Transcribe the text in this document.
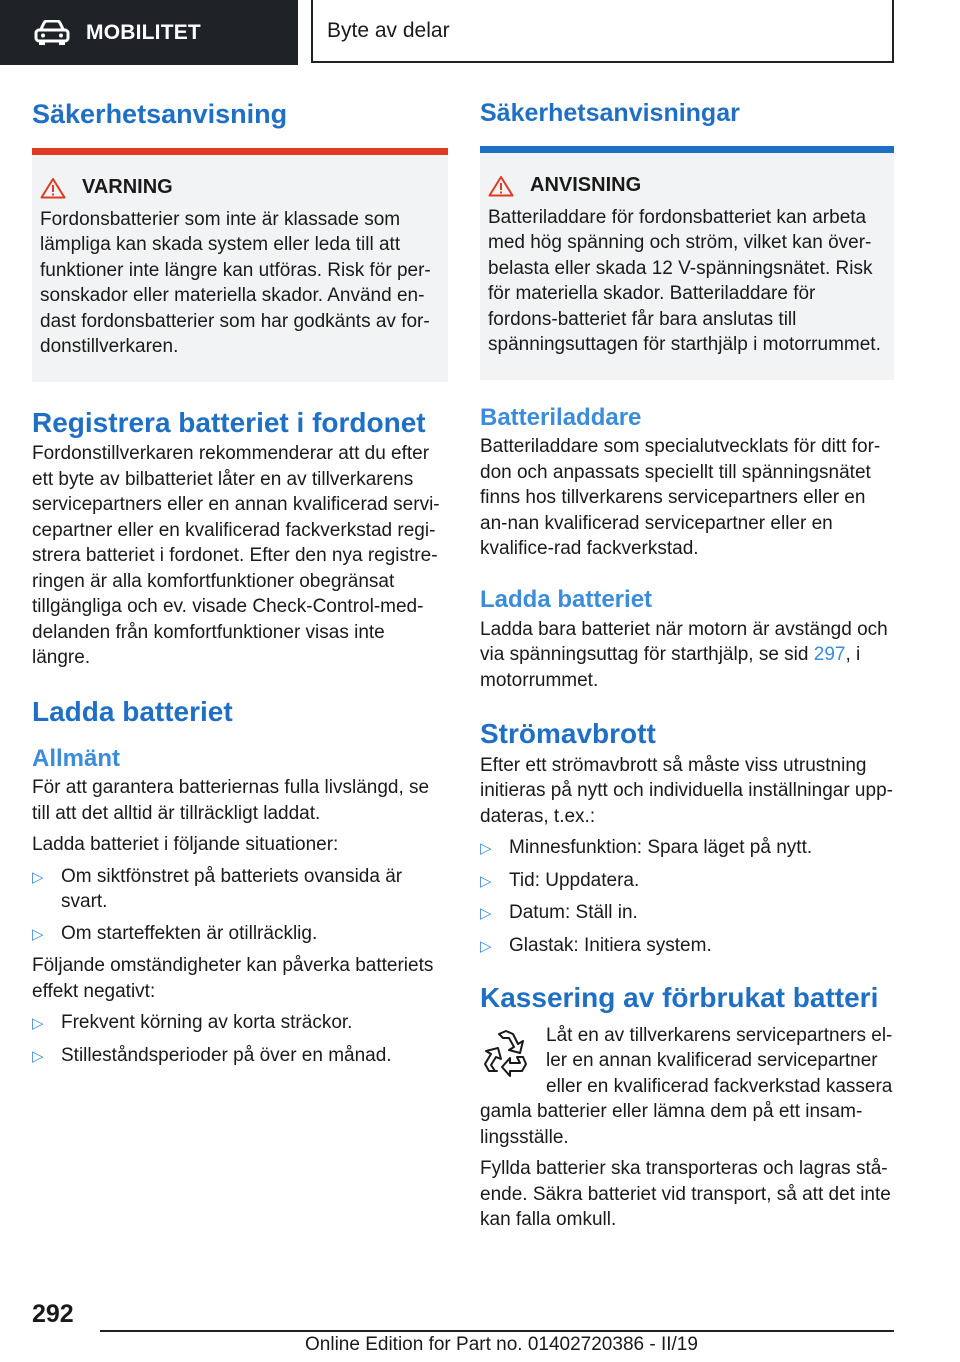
MOBILITET	Byte av delar
Säkerhetsanvisning
VARNING
Fordonsbatterier som inte är klassade som lämpliga kan skada system eller leda till att funktioner inte längre kan utföras. Risk för per-sonskador eller materiella skador. Använd en-dast fordonsbatterier som har godkänts av for-donstillverkaren.
Registrera batteriet i fordonet

Fordonstillverkaren rekommenderar att du efter ett byte av bilbatteriet låter en av tillverkarens servicepartners eller en annan kvalificerad servi-cepartner eller en kvalificerad fackverkstad regi-strera batteriet i fordonet. Efter den nya registre-ringen är alla komfortfunktioner obegränsat tillgängliga och ev. visade Check-Control-med-delanden från komfortfunktioner visas inte längre.

Ladda batteriet
Allmänt

För att garantera batteriernas fulla livslängd, se till att det alltid är tillräckligt laddat.

Ladda batteriet i följande situationer:

▷ Om siktfönstret på batteriets ovansida är svart.
▷ Om starteffekten är otillräcklig.

Följande omständigheter kan påverka batteriets effekt negativt:

▷ Frekvent körning av korta sträckor.
▷ Stilleståndsperioder på över en månad.
Säkerhetsanvisningar
ANVISNING
Batteriladdare för fordonsbatteriet kan arbeta med hög spänning och ström, vilket kan över-belasta eller skada 12 V-spänningsnätet. Risk för materiella skador. Batteriladdare för fordons-batteriet får bara anslutas till spänningsuttagen för starthjälp i motorrummet.
Batteriladdare

Batteriladdare som specialutvecklats för ditt for-don och anpassats speciellt till spänningsnätet finns hos tillverkarens servicepartners eller en an-nan kvalificerad servicepartner eller en kvalifice-rad fackverkstad.

Ladda batteriet

Ladda bara batteriet när motorn är avstängd och via spänningsuttag för starthjälp, se sid 297, i motorrummet.

Strömavbrott

Efter ett strömavbrott så måste viss utrustning initieras på nytt och individuella inställningar upp-dateras, t.ex.:

▷ Minnesfunktion: Spara läget på nytt.
▷ Tid: Uppdatera.
▷ Datum: Ställ in.
▷ Glastak: Initiera system.
Kassering av förbrukat batteri

Låt en av tillverkarens servicepartners el-ler en annan kvalificerad servicepartner eller en kvalificerad fackverkstad kassera gamla batterier eller lämna dem på ett insam-lingsställe.

Fyllda batterier ska transporteras och lagras stå-ende. Säkra batteriet vid transport, så att det inte kan falla omkull.

292
Online Edition for Part no. 01402720386 - II/19
